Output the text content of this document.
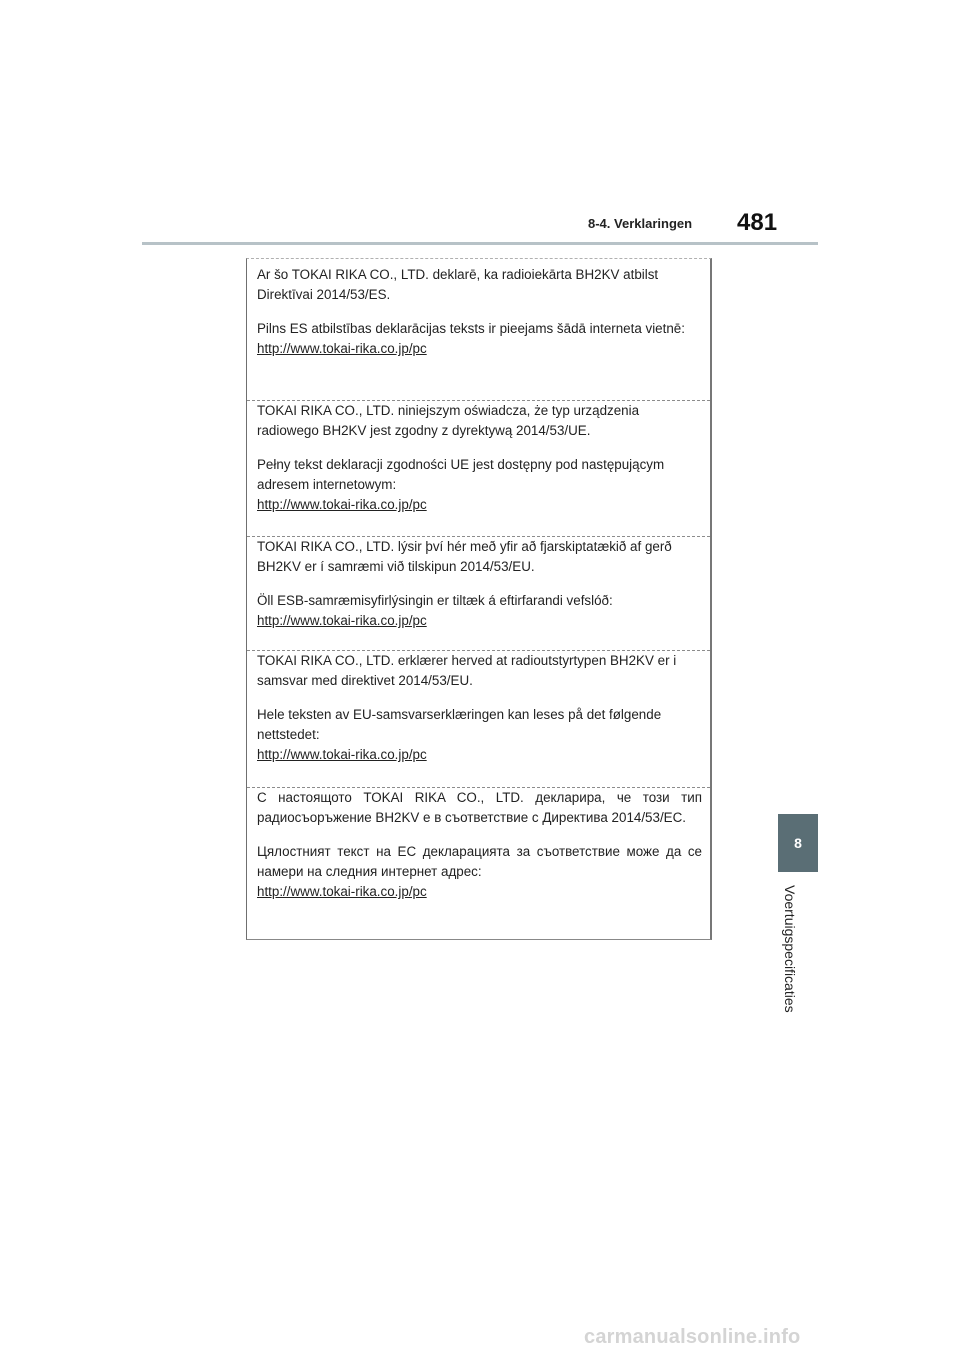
8-4. Verklaringen 481

Ar šo TOKAI RIKA CO., LTD. deklarē, ka radioiekārta BH2KV atbilst Direktīvai 2014/53/ES.

Pilns ES atbilstības deklarācijas teksts ir pieejams šādā interneta vietnē:

http://www.tokai-rika.co.jp/pc

TOKAI RIKA CO., LTD. niniejszym oświadcza, że typ urządzenia radiowego BH2KV jest zgodny z dyrektywą 2014/53/UE.

Pełny tekst deklaracji zgodności UE jest dostępny pod następującym adresem internetowym:

http://www.tokai-rika.co.jp/pc

TOKAI RIKA CO., LTD. lýsir því hér með yfir að fjarskiptatækið af gerð BH2KV er í samræmi við tilskipun 2014/53/EU.

Öll ESB-samræmisyfirlýsingin er tiltæk á eftirfarandi vefslóð:

http://www.tokai-rika.co.jp/pc

TOKAI RIKA CO., LTD. erklærer herved at radioutstyrtypen BH2KV er i samsvar med direktivet 2014/53/EU.

Hele teksten av EU-samsvarserklæringen kan leses på det følgende nettstedet:

http://www.tokai-rika.co.jp/pc

С настоящото TOKAI RIKA CO., LTD. декларира, че този тип радиосъоръжение BH2KV е в съответствие с Директива 2014/53/ЕС.

Цялостният текст на ЕС декларацията за съответствие може да се намери на следния интернет адрес:

http://www.tokai-rika.co.jp/pc

8
Voertuigspecificaties
carmanualsonline.info
